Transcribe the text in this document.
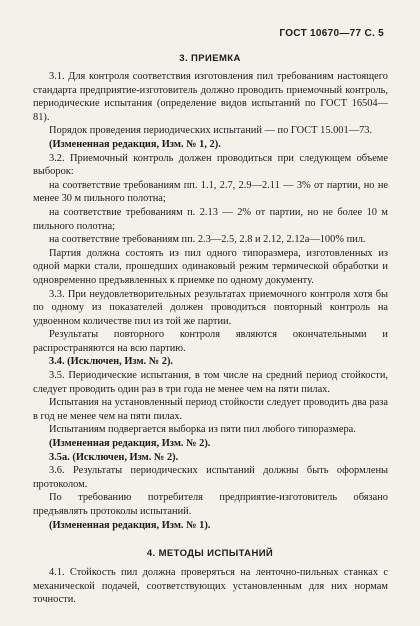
ГОСТ 10670—77 С. 5
3. ПРИЕМКА

3.1. Для контроля соответствия изготовления пил требованиям настоящего стандарта предприятие-изготовитель должно проводить приемочный контроль, периодические испытания (определение видов испытаний по ГОСТ 16504—81).

Порядок проведения периодических испытаний — по ГОСТ 15.001—73.

(Измененная редакция, Изм. № 1, 2).

3.2. Приемочный контроль должен проводиться при следующем объеме выборок:

на соответствие требованиям пп. 1.1, 2.7, 2.9—2.11 — 3% от партии, но не менее 30 м пильного полотна;

на соответствие требованиям п. 2.13 — 2% от партии, но не более 10 м пильного полотна;

на соответствие требованиям пп. 2.3—2.5, 2.8 и 2.12, 2.12а—100% пил.

Партия должна состоять из пил одного типоразмера, изготовленных из одной марки стали, прошедших одинаковый режим термической обработки и одновременно предъявленных к приемке по одному документу.

3.3. При неудовлетворительных результатах приемочного контроля хотя бы по одному из показателей должен проводиться повторный контроль на удвоенном количестве пил из той же партии.

Результаты повторного контроля являются окончательными и распространяются на всю партию.

3.4. (Исключен, Изм. № 2).

3.5. Периодические испытания, в том числе на средний период стойкости, следует проводить один раз в три года не менее чем на пяти пилах.

Испытания на установленный период стойкости следует проводить два раза в год не менее чем на пяти пилах.

Испытаниям подвергается выборка из пяти пил любого типоразмера.

(Измененная редакция, Изм. № 2).

3.5а. (Исключен, Изм. № 2).

3.6. Результаты периодических испытаний должны быть оформлены протоколом.

По требованию потребителя предприятие-изготовитель обязано предъявлять протоколы испытаний.

(Измененная редакция, Изм. № 1).

4. МЕТОДЫ ИСПЫТАНИЙ

4.1. Стойкость пил должна проверяться на ленточно-пильных станках с механической подачей, соответствующих установленным для них нормам точности.
